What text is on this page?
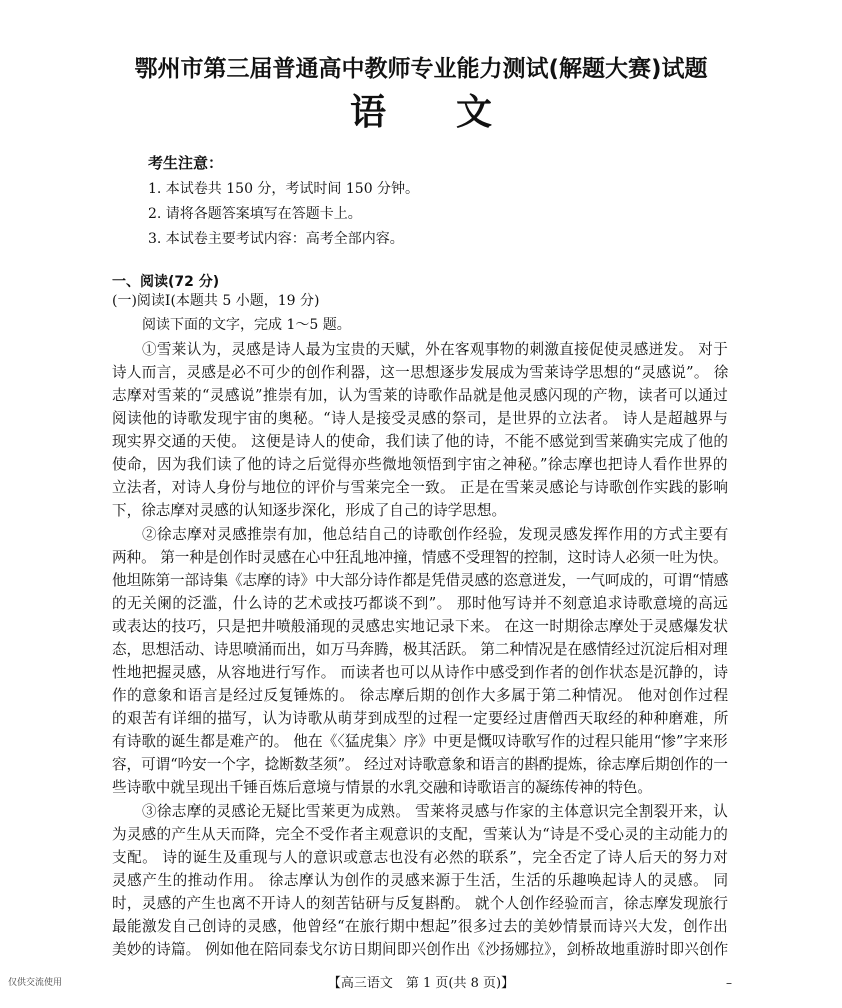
鄂州市第三届普通高中教师专业能力测试(解题大赛)试题
语文
考生注意：
1. 本试卷共 150 分，考试时间 150 分钟。
2. 请将各题答案填写在答题卡上。
3. 本试卷主要考试内容：高考全部内容。
一、阅读(72 分)
(一)阅读Ⅰ(本题共 5 小题，19 分)
阅读下面的文字，完成 1～5 题。
①雪莱认为，灵感是诗人最为宝贵的天赋，外在客观事物的刺激直接促使灵感迸发。 对于
诗人而言，灵感是必不可少的创作利器，这一思想逐步发展成为雪莱诗学思想的“灵感说”。 徐
志摩对雪莱的“灵感说”推崇有加，认为雪莱的诗歌作品就是他灵感闪现的产物，读者可以通过
阅读他的诗歌发现宇宙的奥秘。“诗人是接受灵感的祭司，是世界的立法者。 诗人是超越界与
现实界交通的天使。 这便是诗人的使命，我们读了他的诗，不能不感觉到雪莱确实完成了他的
使命，因为我们读了他的诗之后觉得亦些微地领悟到宇宙之神秘。”徐志摩也把诗人看作世界的
立法者，对诗人身份与地位的评价与雪莱完全一致。 正是在雪莱灵感论与诗歌创作实践的影响
下，徐志摩对灵感的认知逐步深化，形成了自己的诗学思想。
②徐志摩对灵感推崇有加，他总结自己的诗歌创作经验，发现灵感发挥作用的方式主要有
两种。 第一种是创作时灵感在心中狂乱地冲撞，情感不受理智的控制，这时诗人必须一吐为快。
他坦陈第一部诗集《志摩的诗》中大部分诗作都是凭借灵感的恣意迸发，一气呵成的，可谓“情感
的无关阑的泛滥，什么诗的艺术或技巧都谈不到”。 那时他写诗并不刻意追求诗歌意境的高远
或表达的技巧，只是把井喷般涌现的灵感忠实地记录下来。 在这一时期徐志摩处于灵感爆发状
态，思想活动、诗思喷涌而出，如万马奔腾，极其活跃。 第二种情况是在感情经过沉淀后相对理
性地把握灵感，从容地进行写作。 而读者也可以从诗作中感受到作者的创作状态是沉静的，诗
作的意象和语言是经过反复锤炼的。 徐志摩后期的创作大多属于第二种情况。 他对创作过程
的艰苦有详细的描写，认为诗歌从萌芽到成型的过程一定要经过唐僧西天取经的种种磨难，所
有诗歌的诞生都是难产的。 他在《〈猛虎集〉序》中更是慨叹诗歌写作的过程只能用“惨”字来形
容，可谓“吟安一个字，捻断数茎须”。 经过对诗歌意象和语言的斟酌提炼，徐志摩后期创作的一
些诗歌中就呈现出千锤百炼后意境与情景的水乳交融和诗歌语言的凝练传神的特色。
③徐志摩的灵感论无疑比雪莱更为成熟。 雪莱将灵感与作家的主体意识完全割裂开来，认
为灵感的产生从天而降，完全不受作者主观意识的支配，雪莱认为“诗是不受心灵的主动能力的
支配。 诗的诞生及重现与人的意识或意志也没有必然的联系”，完全否定了诗人后天的努力对
灵感产生的推动作用。 徐志摩认为创作的灵感来源于生活，生活的乐趣唤起诗人的灵感。 同
时，灵感的产生也离不开诗人的刻苦钻研与反复斟酌。 就个人创作经验而言，徐志摩发现旅行
最能激发自己创诗的灵感，他曾经“在旅行期中想起”很多过去的美妙情景而诗兴大发，创作出
美妙的诗篇。 例如他在陪同泰戈尔访日期间即兴创作出《沙扬娜拉》，剑桥故地重游时即兴创作
仅供交流使用	【高三语文　第 1 页(共 8 页)】	–
